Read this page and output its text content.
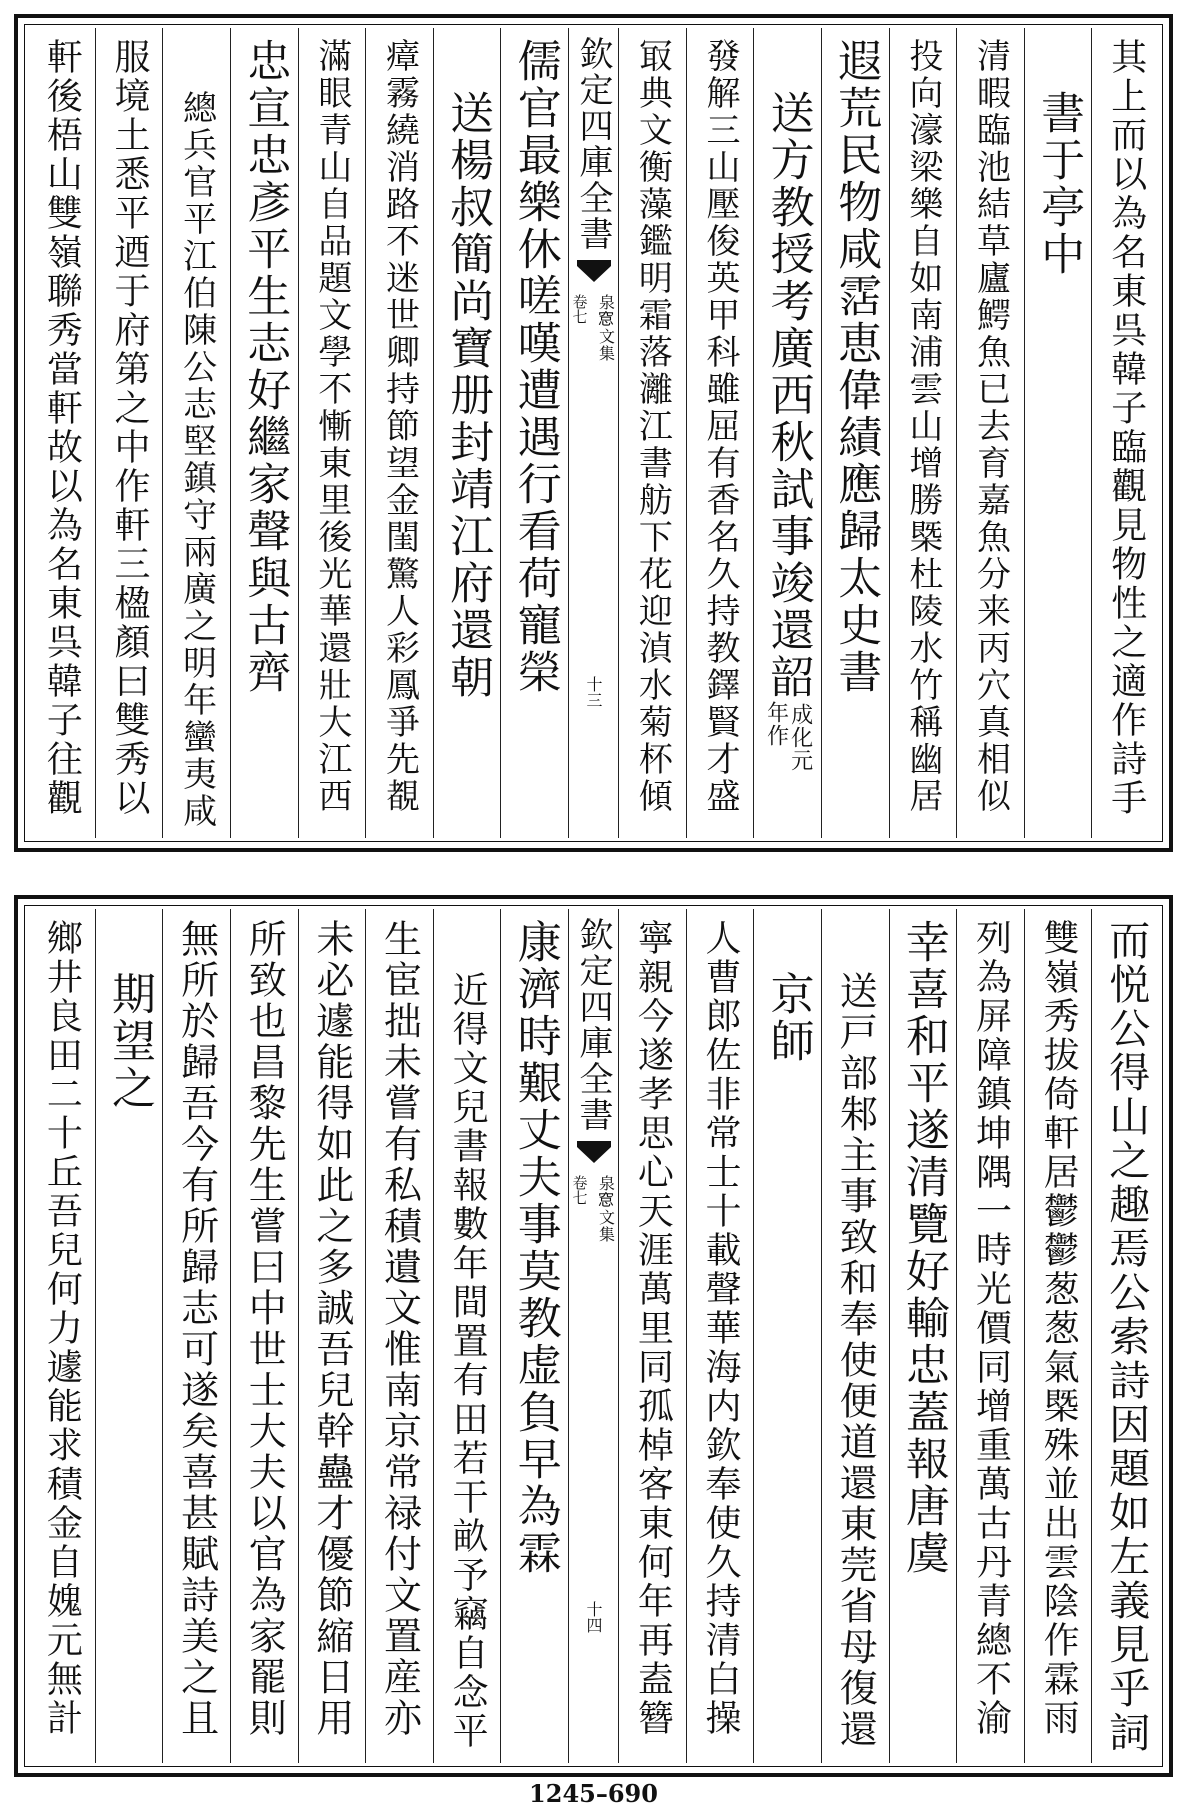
其上而以為名東呉韓子臨觀見物性之適作詩手
書于亭中
清暇臨池結草廬鰐魚已去育嘉魚分来丙穴真相似
投向濠梁樂自如南浦雲山增勝槩杜陵水竹稱幽居
遐荒民物咸霑恵偉績應歸太史書
送方教授考廣西秋試事竣還韶
成化元
年作
發解三山壓俊英甲科雖屈有香名久持教鐸賢才盛
冣典文衡藻鑑明霜落灕江書舫下花迎湞水菊杯傾
欽定四庫全書
泉𥦗文集
卷七
十三
儒官最樂休嗟嘆遭遇行看荷寵榮
送楊叔簡尚寶册封靖江府還朝
瘴霧繞消路不迷世卿持節望金閨驚人彩鳳爭先覩
滿眼青山自品題文學不慚東里後光華還壯大江西
忠宣忠彥平生志好繼家聲與古齊
總兵官平江伯陳公志堅鎮守兩廣之明年蠻夷咸
服境土悉平迺于府第之中作軒三楹顏曰雙秀以
軒後梧山雙嶺聯秀當軒故以為名東呉韓子往觀
而悦公得山之趣焉公索詩因題如左義見乎詞
雙嶺秀拔倚軒居鬱鬱葱葱氣槩殊並出雲陰作霖雨
列為屏障鎮坤隅一時光價同增重萬古丹青總不渝
幸喜和平遂清覽好輸忠蓋報唐虞
送戸部邾主事致和奉使便道還東莞省母復還
京師
人曹郎佐非常士十載聲華海内欽奉使久持清白操
寧親今遂孝思心天涯萬里同孤棹客東何年再盍簪
欽定四庫全書
泉𥦗文集
卷七
十四
康濟時艱丈夫事莫教虚負早為霖
近得文兒書報數年間置有田若干畝予竊自念平
生宦拙未嘗有私積遺文惟南京常禄付文置産亦
未必遽能得如此之多誠吾兒幹蠱才優節縮日用
所致也昌黎先生嘗曰中世士大夫以官為家罷則
無所於歸吾今有所歸志可遂矣喜甚賦詩美之且
期望之
鄉井良田二十丘吾兒何力遽能求積金自媿元無計
1245–690
